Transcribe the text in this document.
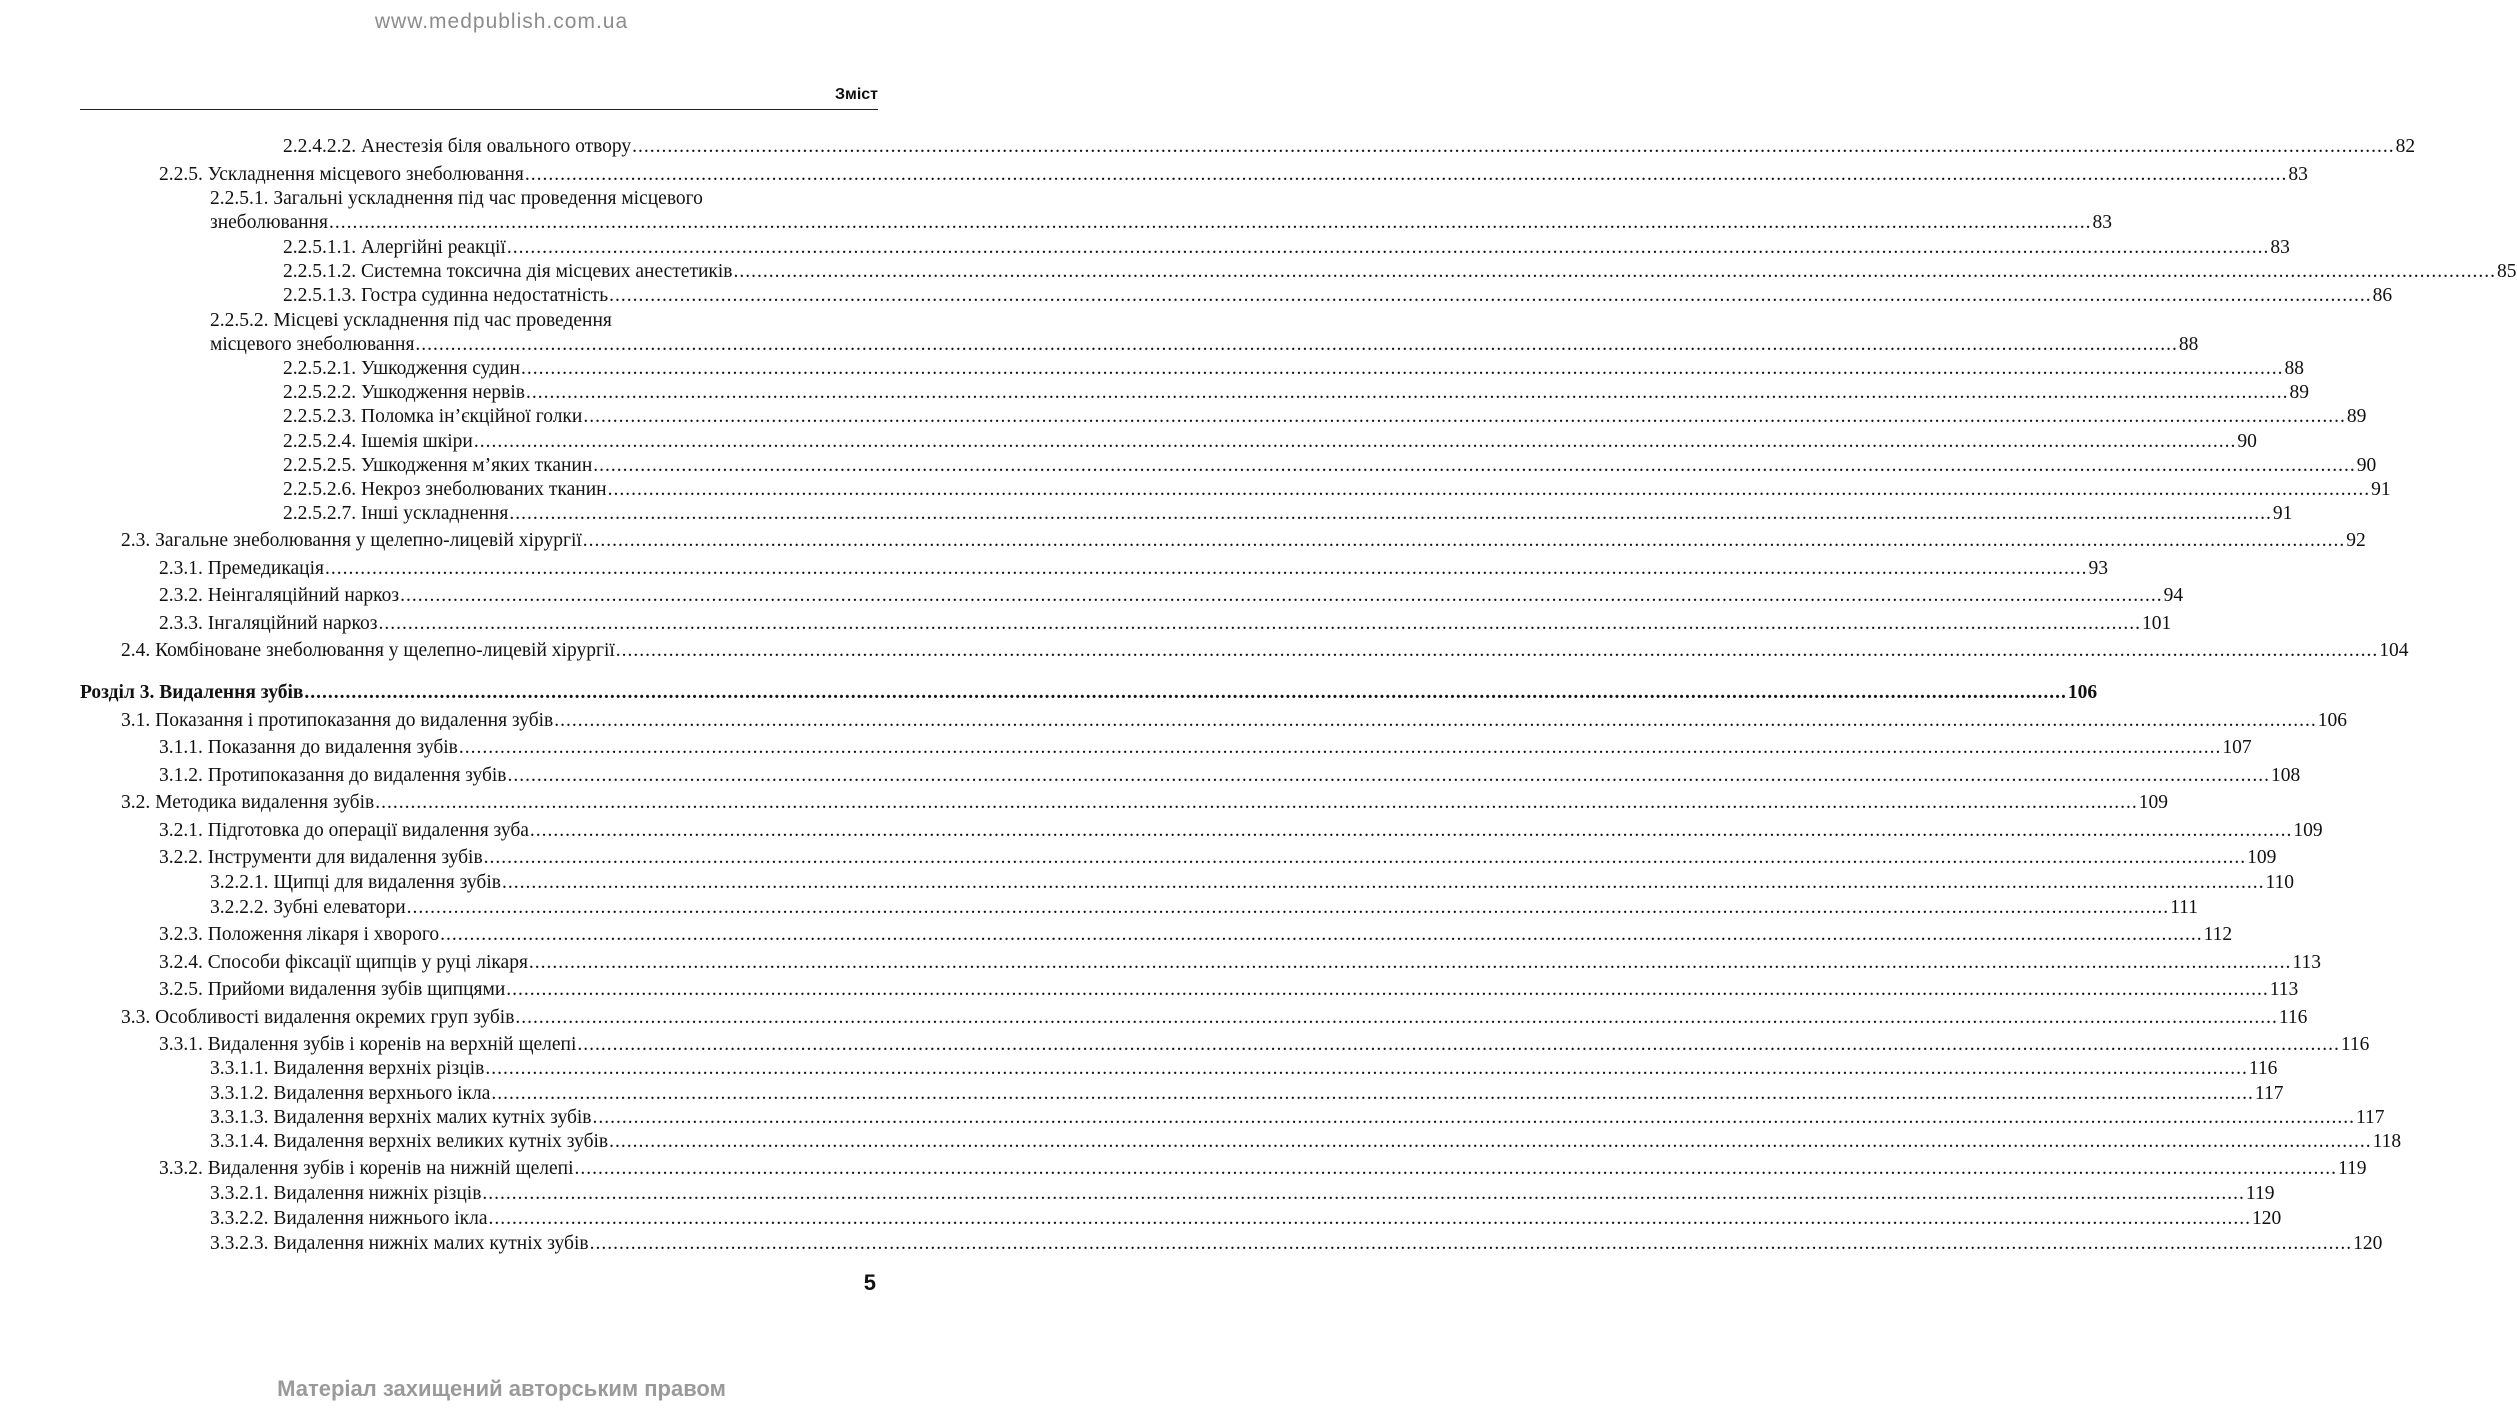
www.medpublish.com.ua
Зміст
2.2.4.2.2. Анестезія біля овального отвору ............................................................................................................................................................................................................................................................................................................ 82
2.2.5. Ускладнення місцевого знеболювання ............................................................................................................................................................................................................................................................................................................ 83
2.2.5.1. Загальні ускладнення під час проведення місцевого
знеболювання ............................................................................................................................................................................................................................................................................................................ 83
2.2.5.1.1. Алергійні реакції ............................................................................................................................................................................................................................................................................................................ 83
2.2.5.1.2. Системна токсична дія місцевих анестетиків ............................................................................................................................................................................................................................................................................................................ 85
2.2.5.1.3. Гостра судинна недостатність ............................................................................................................................................................................................................................................................................................................ 86
2.2.5.2. Місцеві ускладнення під час проведення
місцевого знеболювання ............................................................................................................................................................................................................................................................................................................ 88
2.2.5.2.1. Ушкодження судин ............................................................................................................................................................................................................................................................................................................ 88
2.2.5.2.2. Ушкодження нервів ............................................................................................................................................................................................................................................................................................................ 89
2.2.5.2.3. Поломка ін’єкційної голки ............................................................................................................................................................................................................................................................................................................ 89
2.2.5.2.4. Ішемія шкіри ............................................................................................................................................................................................................................................................................................................ 90
2.2.5.2.5. Ушкодження м’яких тканин ............................................................................................................................................................................................................................................................................................................ 90
2.2.5.2.6. Некроз знеболюваних тканин ............................................................................................................................................................................................................................................................................................................ 91
2.2.5.2.7. Інші ускладнення ............................................................................................................................................................................................................................................................................................................ 91
2.3. Загальне знеболювання у щелепно-лицевій хірургії ............................................................................................................................................................................................................................................................................................................ 92
2.3.1. Премедикація ............................................................................................................................................................................................................................................................................................................ 93
2.3.2. Неінгаляційний наркоз ............................................................................................................................................................................................................................................................................................................ 94
2.3.3. Інгаляційний наркоз ............................................................................................................................................................................................................................................................................................................ 101
2.4. Комбіноване знеболювання у щелепно-лицевій хірургії ............................................................................................................................................................................................................................................................................................................ 104
Розділ 3. Видалення зубів ............................................................................................................................................................................................................................................................................................................ 106
3.1. Показання і протипоказання до видалення зубів ............................................................................................................................................................................................................................................................................................................ 106
3.1.1. Показання до видалення зубів ............................................................................................................................................................................................................................................................................................................ 107
3.1.2. Протипоказання до видалення зубів ............................................................................................................................................................................................................................................................................................................ 108
3.2. Методика видалення зубів ............................................................................................................................................................................................................................................................................................................ 109
3.2.1. Підготовка до операції видалення зуба ............................................................................................................................................................................................................................................................................................................ 109
3.2.2. Інструменти для видалення зубів ............................................................................................................................................................................................................................................................................................................ 109
3.2.2.1. Щипці для видалення зубів ............................................................................................................................................................................................................................................................................................................ 110
3.2.2.2. Зубні елеватори ............................................................................................................................................................................................................................................................................................................ 111
3.2.3. Положення лікаря і хворого ............................................................................................................................................................................................................................................................................................................ 112
3.2.4. Способи фіксації щипців у руці лікаря ............................................................................................................................................................................................................................................................................................................ 113
3.2.5. Прийоми видалення зубів щипцями ............................................................................................................................................................................................................................................................................................................ 113
3.3. Особливості видалення окремих груп зубів ............................................................................................................................................................................................................................................................................................................ 116
3.3.1. Видалення зубів і коренів на верхній щелепі ............................................................................................................................................................................................................................................................................................................ 116
3.3.1.1. Видалення верхніх різців ............................................................................................................................................................................................................................................................................................................ 116
3.3.1.2. Видалення верхнього ікла ............................................................................................................................................................................................................................................................................................................ 117
3.3.1.3. Видалення верхніх малих кутніх зубів ............................................................................................................................................................................................................................................................................................................ 117
3.3.1.4. Видалення верхніх великих кутніх зубів ............................................................................................................................................................................................................................................................................................................ 118
3.3.2. Видалення зубів і коренів на нижній щелепі ............................................................................................................................................................................................................................................................................................................ 119
3.3.2.1. Видалення нижніх різців ............................................................................................................................................................................................................................................................................................................ 119
3.3.2.2. Видалення нижнього ікла ............................................................................................................................................................................................................................................................................................................ 120
3.3.2.3. Видалення нижніх малих кутніх зубів ............................................................................................................................................................................................................................................................................................................ 120
5
Матеріал захищений авторським правом
